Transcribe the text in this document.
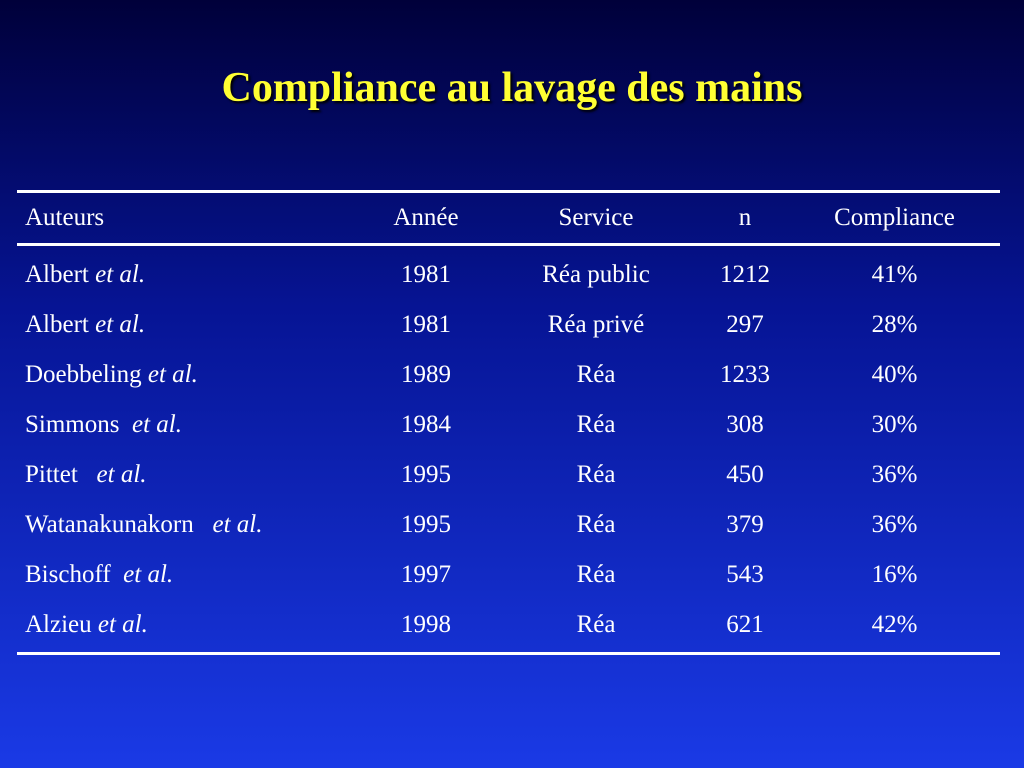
Compliance au lavage des mains
Auteurs	Année	Service	n	Compliance
Albert et al.	1981	Réa public	1212	41%
Albert et al.	1981	Réa privé	297	28%
Doebbeling et al.	1989	Réa	1233	40%
Simmons  et al.	1984	Réa	308	30%
Pittet   et al.	1995	Réa	450	36%
Watanakunakorn   et al.	1995	Réa	379	36%
Bischoff  et al.	1997	Réa	543	16%
Alzieu et al.	1998	Réa	621	42%
